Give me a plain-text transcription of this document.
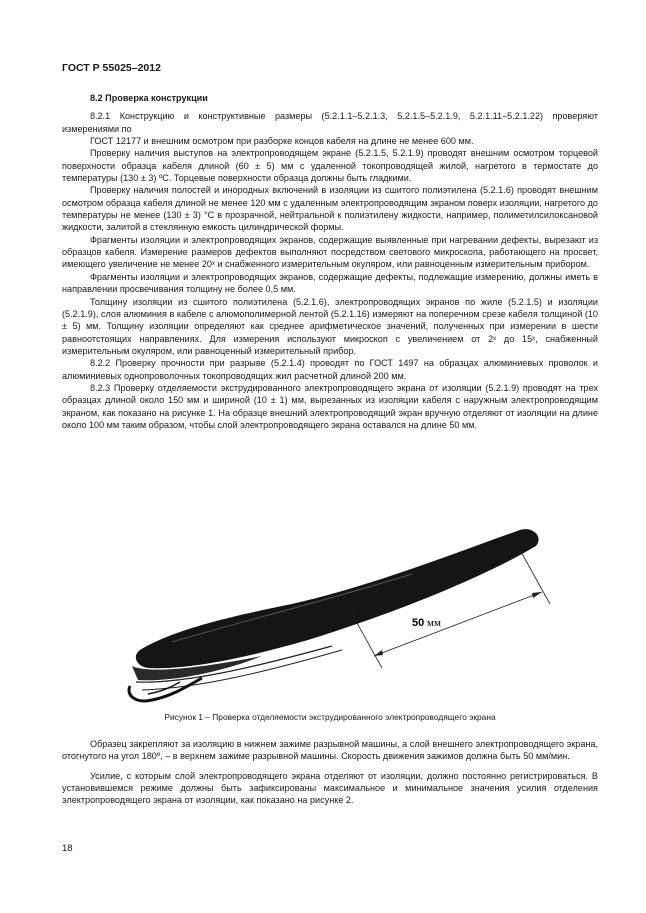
ГОСТ Р 55025–2012

8.2 Проверка конструкции

8.2.1 Конструкцию и конструктивные размеры (5.2.1.1–5.2.1.3, 5.2.1.5–5.2.1.9, 5.2.1.11–5.2.1.22) проверяют измерениями по

ГОСТ 12177 и внешним осмотром при разборке концов кабеля на длине не менее 600 мм.

Проверку наличия выступов на электропроводящем экране (5.2.1.5, 5.2.1.9) проводят внешним осмотром торцевой поверхности образца кабеля длиной (60 ± 5) мм с удаленной токопроводящей жилой, нагретого в термостате до температуры (130 ± 3) ºС. Торцевые поверхности образца должны быть гладкими.

Проверку наличия полостей и инородных включений в изоляции из сшитого полиэтилена (5.2.1.6) проводят внешним осмотром образца кабеля длиной не менее 120 мм с удаленным электропроводящим экраном поверх изоляции, нагретого до температуры не менее (130 ± 3) °С в прозрачной, нейтральной к полиэтилену жидкости, например, полиметилсилоксановой жидкости, залитой в стеклянную емкость цилиндрической формы.

Фрагменты изоляции и электропроводящих экранов, содержащие выявленные при нагревании дефекты, вырезают из образцов кабеля. Измерение размеров дефектов выполняют посредством светового микроскопа, работающего на просвет, имеющего увеличение не менее 20ˣ и снабженного измерительным окуляром, или равноценным измерительным прибором.

Фрагменты изоляции и электропроводящих экранов, содержащие дефекты, подлежащие измерению, должны иметь в направлении просвечивания толщину не более 0,5 мм.

Толщину изоляции из сшитого полиэтилена (5.2.1.6), электропроводящих экранов по жиле (5.2.1.5) и изоляции (5.2.1.9), слоя алюминия в кабеле с алюмополимерной лентой (5.2.1.16) измеряют на поперечном срезе кабеля толщиной (10 ± 5) мм. Толщину изоляции определяют как среднее арифметическое значений, полученных при измерении в шести равноотстоящих направлениях. Для измерения используют микроскоп с увеличением от 2ˣ до 15ˣ, снабженный измерительным окуляром, или равноценный измерительный прибор.

8.2.2 Проверку прочности при разрыве (5.2.1.4) проводят по ГОСТ 1497 на образцах алюминиевых проволок и алюминиевых однопроволочных токопроводящих жил расчетной длиной 200 мм.

8.2.3 Проверку отделяемости экструдированного электропроводящего экрана от изоляции (5.2.1.9) проводят на трех образцах длиной около 150 мм и шириной (10 ± 1) мм, вырезанных из изоляции кабеля с наружным электропроводящим экраном, как показано на рисунке 1. На образце внешний электропроводящий экран вручную отделяют от изоляции на длине около 100 мм таким образом, чтобы слой электропроводящего экрана оставался на длине 50 мм.

50 мм
Рисунок 1 – Проверка отделяемости экструдированного электропроводящего экрана

Образец закрепляют за изоляцию в нижнем зажиме разрывной машины, а слой внешнего электропроводящего экрана, отогнутого на угол 180º, – в верхнем зажиме разрывной машины. Скорость движения зажимов должна быть 50 мм/мин.

Усилие, с которым слой электропроводящего экрана отделяют от изоляции, должно постоянно регистрироваться. В установившемся режиме должны быть зафиксированы максимальное и минимальное значения усилия отделения электропроводящего экрана от изоляции, как показано на рисунке 2.

18
